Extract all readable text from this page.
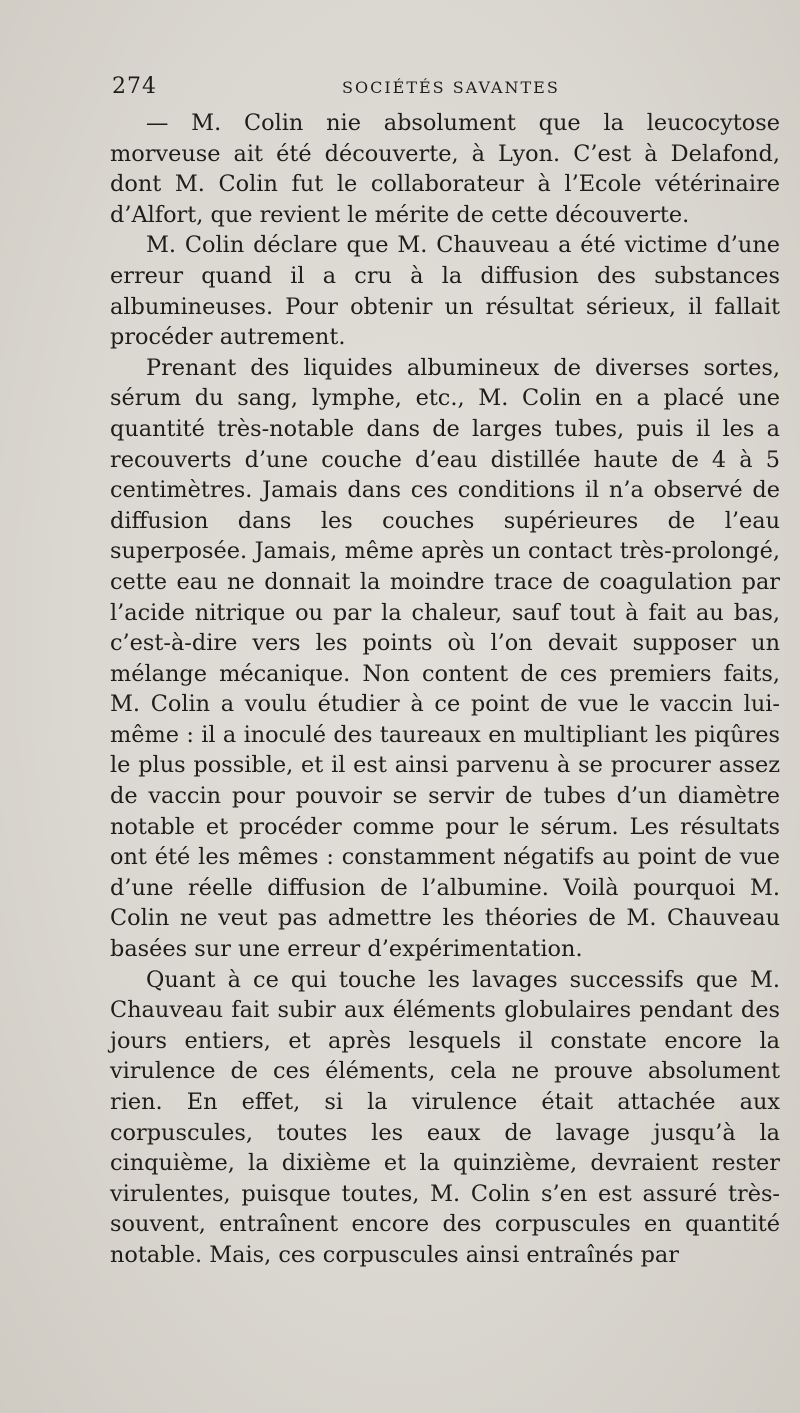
274	SOCIÉTÉS SAVANTES

— M. Colin nie absolument que la leucocytose morveuse ait été découverte, à Lyon. C’est à Delafond, dont M. Colin fut le collaborateur à l’Ecole vétérinaire d’Alfort, que revient le mérite de cette découverte.

M. Colin déclare que M. Chauveau a été victime d’une erreur quand il a cru à la diffusion des substances albumineuses. Pour obtenir un résultat sérieux, il fallait procéder autrement.

Prenant des liquides albumineux de diverses sortes, sérum du sang, lymphe, etc., M. Colin en a placé une quantité très-notable dans de larges tubes, puis il les a recouverts d’une couche d’eau distillée haute de 4 à 5 centimètres. Jamais dans ces conditions il n’a observé de diffusion dans les couches supérieures de l’eau superposée. Jamais, même après un contact très-prolongé, cette eau ne donnait la moindre trace de coagulation par l’acide nitrique ou par la chaleur, sauf tout à fait au bas, c’est-à-dire vers les points où l’on devait supposer un mélange mécanique. Non content de ces premiers faits, M. Colin a voulu étudier à ce point de vue le vaccin lui-même : il a inoculé des taureaux en multipliant les piqûres le plus possible, et il est ainsi parvenu à se procurer assez de vaccin pour pouvoir se servir de tubes d’un diamètre notable et procéder comme pour le sérum. Les résultats ont été les mêmes : constamment négatifs au point de vue d’une réelle diffusion de l’albumine. Voilà pourquoi M. Colin ne veut pas admettre les théories de M. Chauveau basées sur une erreur d’expérimentation.

Quant à ce qui touche les lavages successifs que M. Chauveau fait subir aux éléments globulaires pendant des jours entiers, et après lesquels il constate encore la virulence de ces éléments, cela ne prouve absolument rien. En effet, si la virulence était attachée aux corpuscules, toutes les eaux de lavage jusqu’à la cinquième, la dixième et la quinzième, devraient rester virulentes, puisque toutes, M. Colin s’en est assuré très-souvent, entraînent encore des corpuscules en quantité notable. Mais, ces corpuscules ainsi entraînés par
